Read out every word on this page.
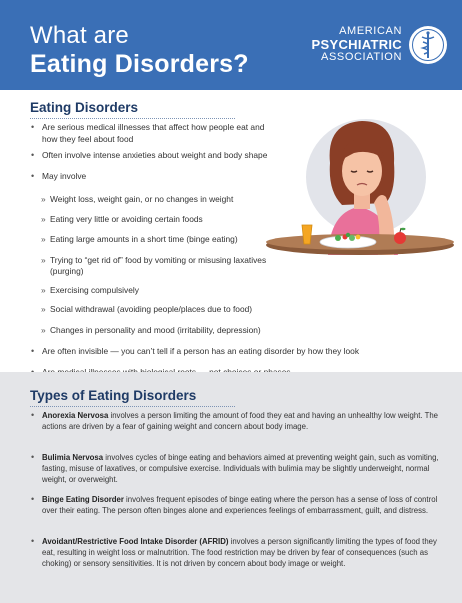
What are
Eating Disorders?
AMERICAN
PSYCHIATRIC
ASSOCIATION
Eating Disorders
• Are serious medical illnesses that affect how people eat and how they feel about food
• Often involve intense anxieties about weight and body shape
• May involve
» Weight loss, weight gain, or no changes in weight
» Eating very little or avoiding certain foods
» Eating large amounts in a short time (binge eating)
» Trying to “get rid of” food by vomiting or misusing laxatives (purging)
» Exercising compulsively
» Social withdrawal (avoiding people/places due to food)
» Changes in personality and mood (irritability, depression)
• Are often invisible — you can’t tell if a person has an eating disorder by how they look
•
Types of Eating Disorders
• Anorexia Nervosa involves a person limiting the amount of food they eat and having an unhealthy low weight. The actions are driven by a fear of gaining weight and concern about body image.
• Bulimia Nervosa involves cycles of binge eating and behaviors aimed at preventing weight gain, such as vomiting, fasting, misuse of laxatives, or compulsive exercise. Individuals with bulimia may be slightly underweight, normal weight, or overweight.
• Binge Eating Disorder involves frequent episodes of binge eating where the person has a sense of loss of control over their eating. The person often binges alone and experiences feelings of embarrassment, guilt, and distress.
• Avoidant/Restrictive Food Intake Disorder (AFRID) involves a person significantly limiting the types of food they eat, resulting in weight loss or malnutrition. The food restriction may be driven by fear of consequences (such as choking) or sensory sensitivities. It is not driven by concern about body image or weight.
